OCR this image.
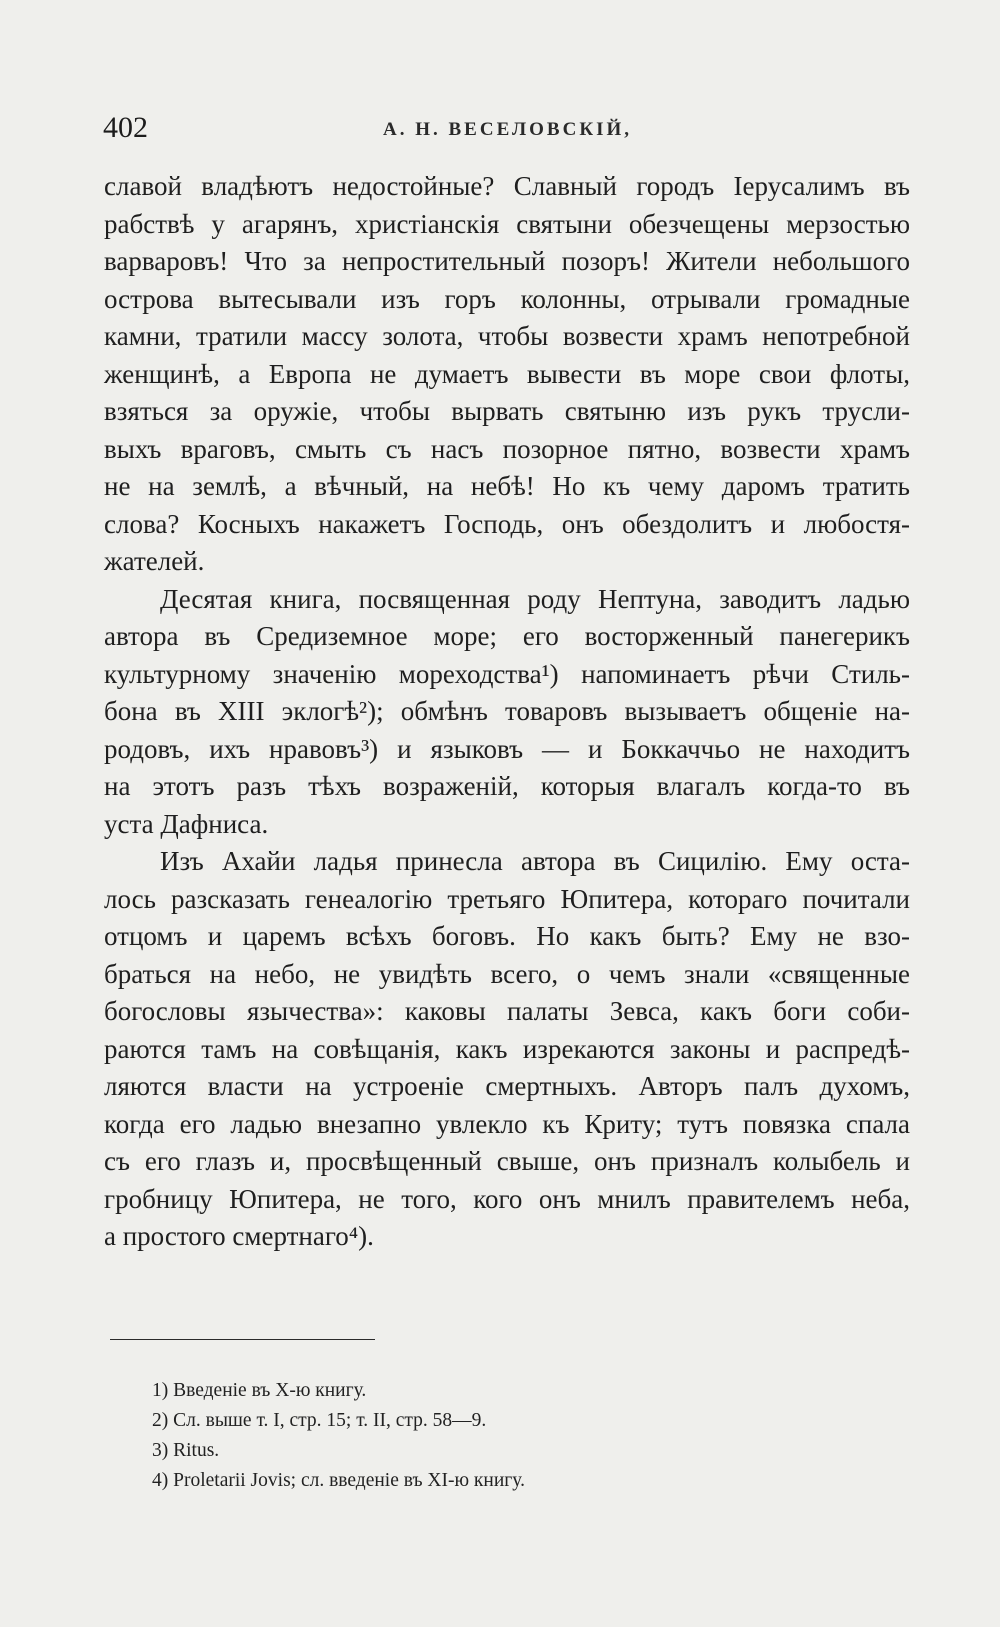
402	А. Н. ВЕСЕЛОВСКІЙ,
славой владѣютъ недостойные? Славный городъ Іерусалимъ въ
рабствѣ у агарянъ, христіанскія святыни обезчещены мерзостью
варваровъ! Что за непростительный позоръ! Жители небольшого
острова вытесывали изъ горъ колонны, отрывали громадные
камни, тратили массу золота, чтобы возвести храмъ непотребной
женщинѣ, а Европа не думаетъ вывести въ море свои флоты,
взяться за оружіе, чтобы вырвать святыню изъ рукъ трусли-
выхъ враговъ, смыть съ насъ позорное пятно, возвести храмъ
не на землѣ, а вѣчный, на небѣ! Но къ чему даромъ тратить
слова? Косныхъ накажетъ Господь, онъ обездолитъ и любостя-
жателей.
Десятая книга, посвященная роду Нептуна, заводитъ ладью
автора въ Средиземное море; его восторженный панегерикъ
культурному значенію мореходства¹) напоминаетъ рѣчи Стиль-
бона въ XIII эклогѣ²); обмѣнъ товаровъ вызываетъ общеніе на-
родовъ, ихъ нравовъ³) и языковъ — и Боккаччьо не находитъ
на этотъ разъ тѣхъ возраженій, которыя влагалъ когда-то въ
уста Дафниса.
Изъ Ахайи ладья принесла автора въ Сицилію. Ему оста-
лось разсказать генеалогію третьяго Юпитера, котораго почитали
отцомъ и царемъ всѣхъ боговъ. Но какъ быть? Ему не взо-
браться на небо, не увидѣть всего, о чемъ знали «священные
богословы язычества»: каковы палаты Зевса, какъ боги соби-
раются тамъ на совѣщанія, какъ изрекаются законы и распредѣ-
ляются власти на устроеніе смертныхъ. Авторъ палъ духомъ,
когда его ладью внезапно увлекло къ Криту; тутъ повязка спала
съ его глазъ и, просвѣщенный свыше, онъ призналъ колыбель и
гробницу Юпитера, не того, кого онъ мнилъ правителемъ неба,
а простого смертнаго⁴).
1) Введеніе въ X-ю книгу.
2) Сл. выше т. I, стр. 15; т. II, стр. 58—9.
3) Ritus.
4) Proletarii Jovis; сл. введеніе въ XI-ю книгу.
